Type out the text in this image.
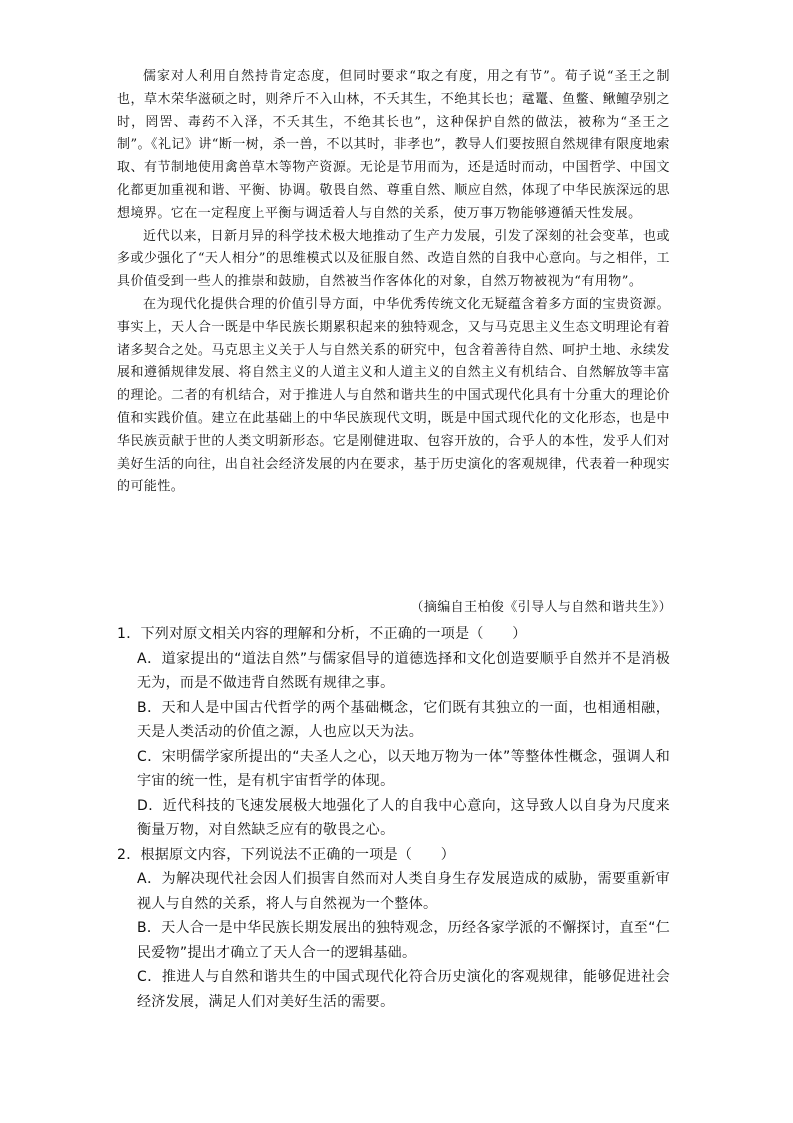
儒家对人利用自然持肯定态度，但同时要求“取之有度，用之有节”。荀子说“圣王之制也，草木荣华滋硕之时，则斧斤不入山林，不夭其生，不绝其长也；鼋鼍、鱼鳖、鳅鳣孕别之时，罔罟、毒药不入泽，不夭其生，不绝其长也”，这种保护自然的做法，被称为“圣王之制”。《礼记》讲“断一树，杀一兽，不以其时，非孝也”，教导人们要按照自然规律有限度地索取、有节制地使用禽兽草木等物产资源。无论是节用而为，还是适时而动，中国哲学、中国文化都更加重视和谐、平衡、协调。敬畏自然、尊重自然、顺应自然，体现了中华民族深远的思想境界。它在一定程度上平衡与调适着人与自然的关系，使万事万物能够遵循天性发展。

近代以来，日新月异的科学技术极大地推动了生产力发展，引发了深刻的社会变革，也或多或少强化了“天人相分”的思维模式以及征服自然、改造自然的自我中心意向。与之相伴，工具价值受到一些人的推崇和鼓励，自然被当作客体化的对象，自然万物被视为“有用物”。

在为现代化提供合理的价值引导方面，中华优秀传统文化无疑蕴含着多方面的宝贵资源。事实上，天人合一既是中华民族长期累积起来的独特观念，又与马克思主义生态文明理论有着诸多契合之处。马克思主义关于人与自然关系的研究中，包含着善待自然、呵护土地、永续发展和遵循规律发展、将自然主义的人道主义和人道主义的自然主义有机结合、自然解放等丰富的理论。二者的有机结合，对于推进人与自然和谐共生的中国式现代化具有十分重大的理论价值和实践价值。建立在此基础上的中华民族现代文明，既是中国式现代化的文化形态，也是中华民族贡献于世的人类文明新形态。它是刚健进取、包容开放的，合乎人的本性，发乎人们对美好生活的向往，出自社会经济发展的内在要求，基于历史演化的客观规律，代表着一种现实的可能性。

（摘编自王柏俊《引导人与自然和谐共生》）

1．下列对原文相关内容的理解和分析，不正确的一项是（　　）

A．道家提出的“道法自然”与儒家倡导的道德选择和文化创造要顺乎自然并不是消极无为，而是不做违背自然既有规律之事。

B．天和人是中国古代哲学的两个基础概念，它们既有其独立的一面，也相通相融，天是人类活动的价值之源，人也应以天为法。

C．宋明儒学家所提出的“夫圣人之心，以天地万物为一体”等整体性概念，强调人和宇宙的统一性，是有机宇宙哲学的体现。

D．近代科技的飞速发展极大地强化了人的自我中心意向，这导致人以自身为尺度来衡量万物，对自然缺乏应有的敬畏之心。

2．根据原文内容，下列说法不正确的一项是（　　）

A．为解决现代社会因人们损害自然而对人类自身生存发展造成的威胁，需要重新审视人与自然的关系，将人与自然视为一个整体。

B．天人合一是中华民族长期发展出的独特观念，历经各家学派的不懈探讨，直至“仁民爱物”提出才确立了天人合一的逻辑基础。

C．推进人与自然和谐共生的中国式现代化符合历史演化的客观规律，能够促进社会经济发展，满足人们对美好生活的需要。
